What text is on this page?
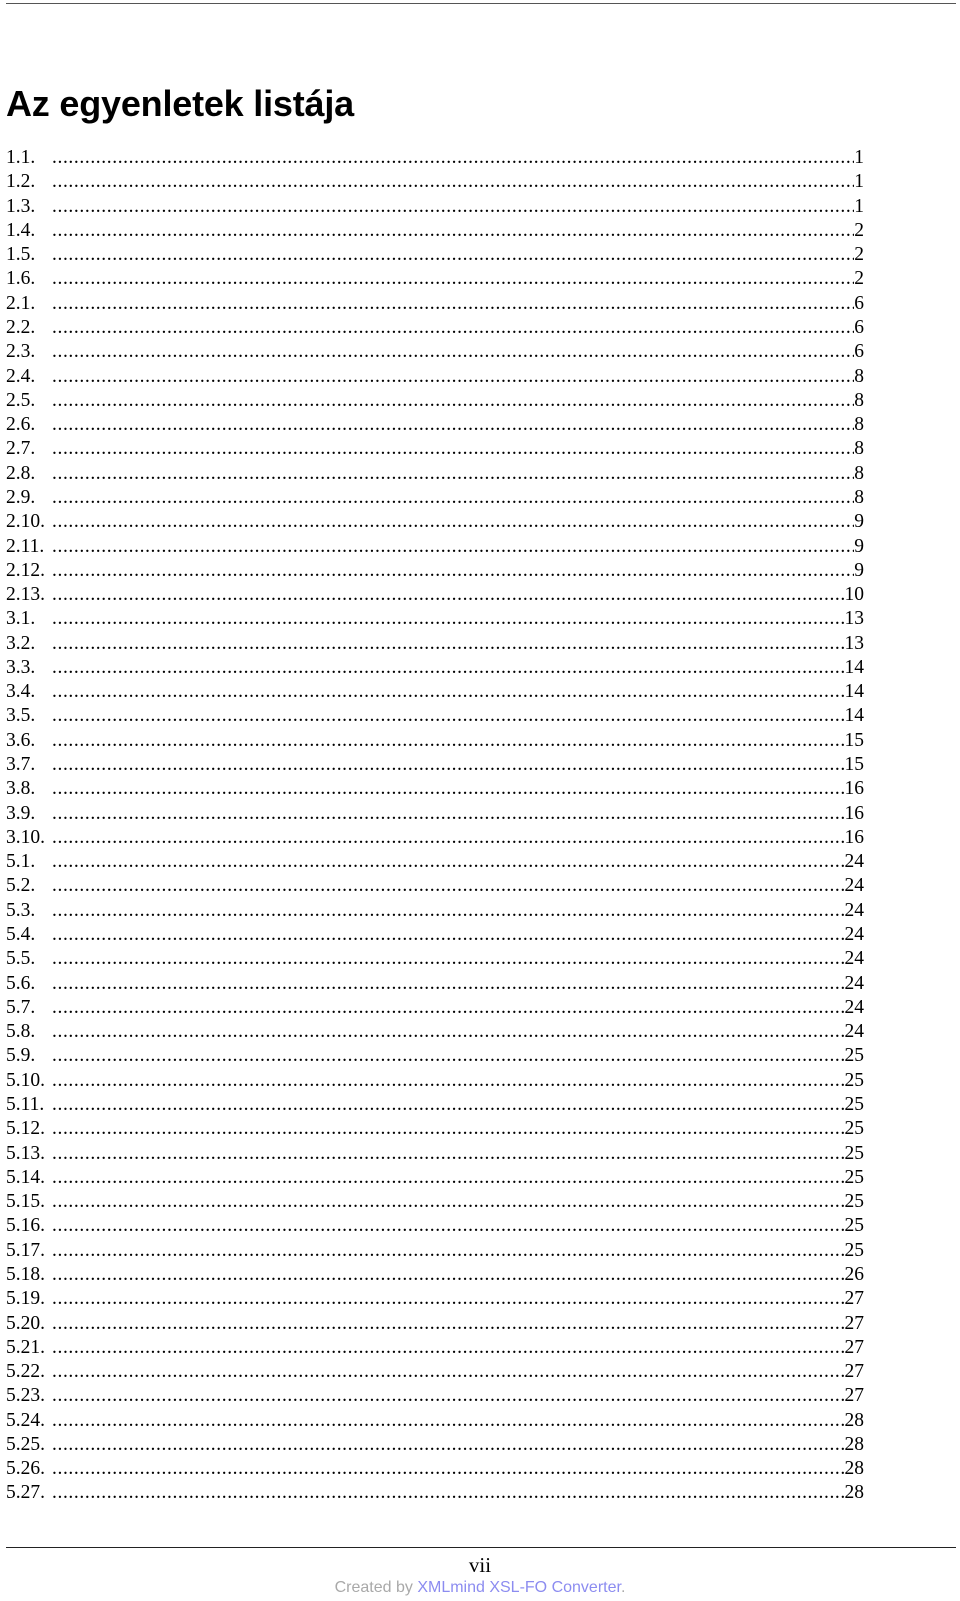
Az egyenletek listája
1.1. .....	1
1.2. .....	1
1.3. .....	1
1.4. .....	2
1.5. .....	2
1.6. .....	2
2.1. .....	6
2.2. .....	6
2.3. .....	6
2.4. .....	8
2.5. .....	8
2.6. .....	8
2.7. .....	8
2.8. .....	8
2.9. .....	8
2.10. .....	9
2.11. .....	9
2.12. .....	9
2.13. .....	10
3.1. .....	13
3.2. .....	13
3.3. .....	14
3.4. .....	14
3.5. .....	14
3.6. .....	15
3.7. .....	15
3.8. .....	16
3.9. .....	16
3.10. .....	16
5.1. .....	24
5.2. .....	24
5.3. .....	24
5.4. .....	24
5.5. .....	24
5.6. .....	24
5.7. .....	24
5.8. .....	24
5.9. .....	25
5.10. .....	25
5.11. .....	25
5.12. .....	25
5.13. .....	25
5.14. .....	25
5.15. .....	25
5.16. .....	25
5.17. .....	25
5.18. .....	26
5.19. .....	27
5.20. .....	27
5.21. .....	27
5.22. .....	27
5.23. .....	27
5.24. .....	28
5.25. .....	28
5.26. .....	28
5.27. .....	28
vii
Created by XMLmind XSL-FO Converter.
